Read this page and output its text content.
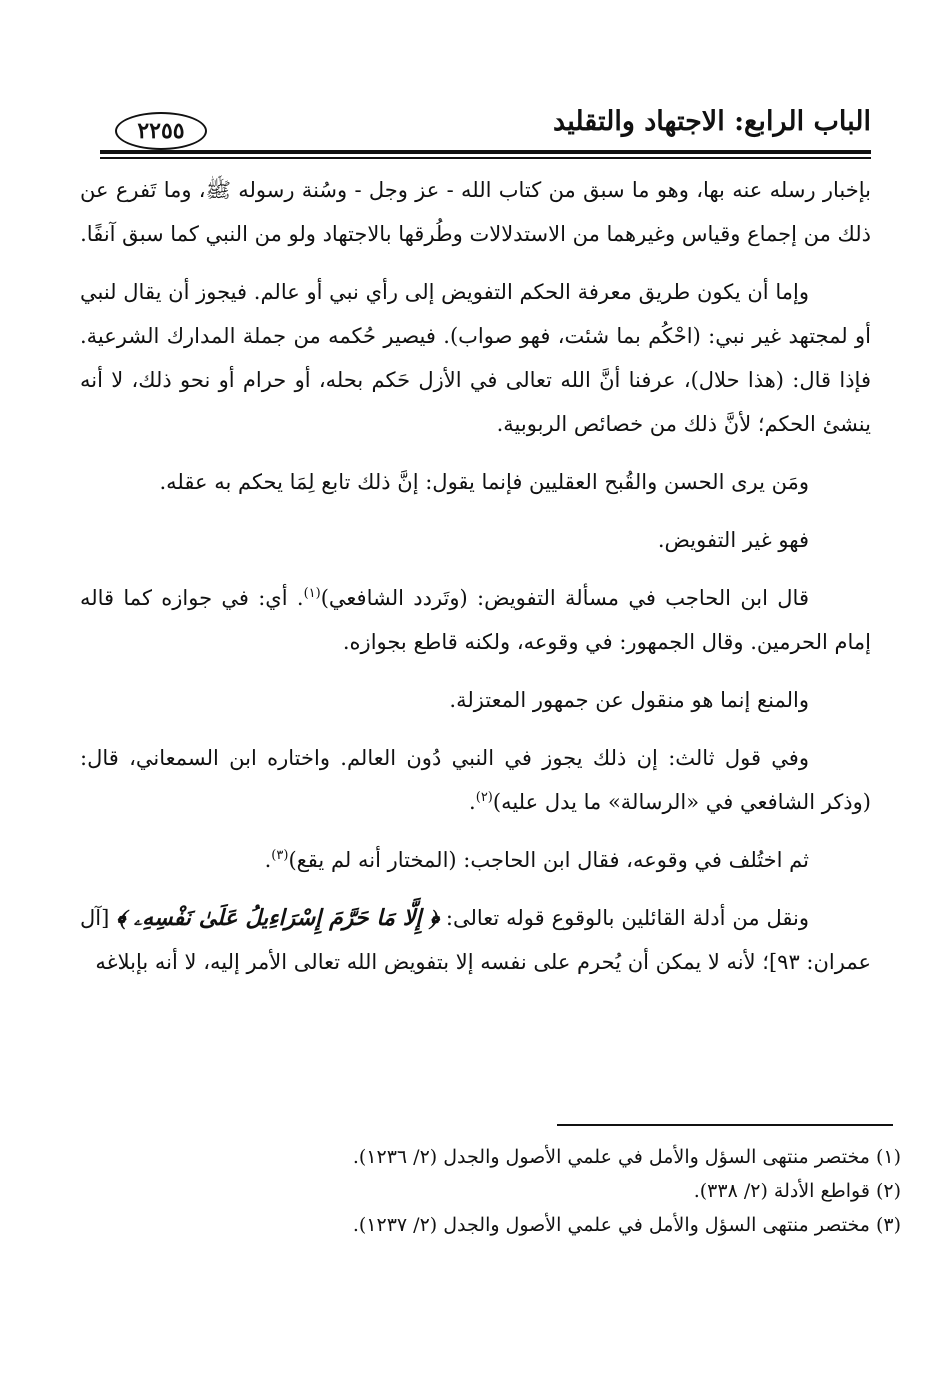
الباب الرابع: الاجتهاد والتقليد
٢٢٥٥

بإخبار رسله عنه بها، وهو ما سبق من كتاب الله - عز وجل - وسُنة رسوله ﷺ، وما تَفرع عن ذلك من إجماع وقياس وغيرهما من الاستدلالات وطُرقها بالاجتهاد ولو من النبي كما سبق آنفًا.

وإما أن يكون طريق معرفة الحكم التفويض إلى رأي نبي أو عالم. فيجوز أن يقال لنبي أو لمجتهد غير نبي: (احْكُم بما شئت، فهو صواب). فيصير حُكمه من جملة المدارك الشرعية. فإذا قال: (هذا حلال)، عرفنا أنَّ الله تعالى في الأزل حَكم بحله، أو حرام أو نحو ذلك، لا أنه ينشئ الحكم؛ لأنَّ ذلك من خصائص الربوبية.

ومَن يرى الحسن والقُبح العقليين فإنما يقول: إنَّ ذلك تابع لِمَا يحكم به عقله.

فهو غير التفويض.

قال ابن الحاجب في مسألة التفويض: (وتَردد الشافعي)$^{(١)}$. أي: في جوازه كما قاله إمام الحرمين. وقال الجمهور: في وقوعه، ولكنه قاطع بجوازه.

والمنع إنما هو منقول عن جمهور المعتزلة.

وفي قول ثالث: إن ذلك يجوز في النبي دُون العالم. واختاره ابن السمعاني، قال: (وذكر الشافعي في «الرسالة» ما يدل عليه)$^{(٢)}$.

ثم اختُلف في وقوعه، فقال ابن الحاجب: (المختار أنه لم يقع)$^{(٣)}$.

ونقل من أدلة القائلين بالوقوع قوله تعالى: ﴿ إِلَّا مَا حَرَّمَ إِسْرَاءِيلُ عَلَىٰ نَفْسِهِۦ ﴾ [آل عمران: ٩٣]؛ لأنه لا يمكن أن يُحرم على نفسه إلا بتفويض الله تعالى الأمر إليه، لا أنه بإبلاغه

(١) مختصر منتهى السؤل والأمل في علمي الأصول والجدل (٢/ ١٢٣٦).

(٢) قواطع الأدلة (٢/ ٣٣٨).

(٣) مختصر منتهى السؤل والأمل في علمي الأصول والجدل (٢/ ١٢٣٧).
